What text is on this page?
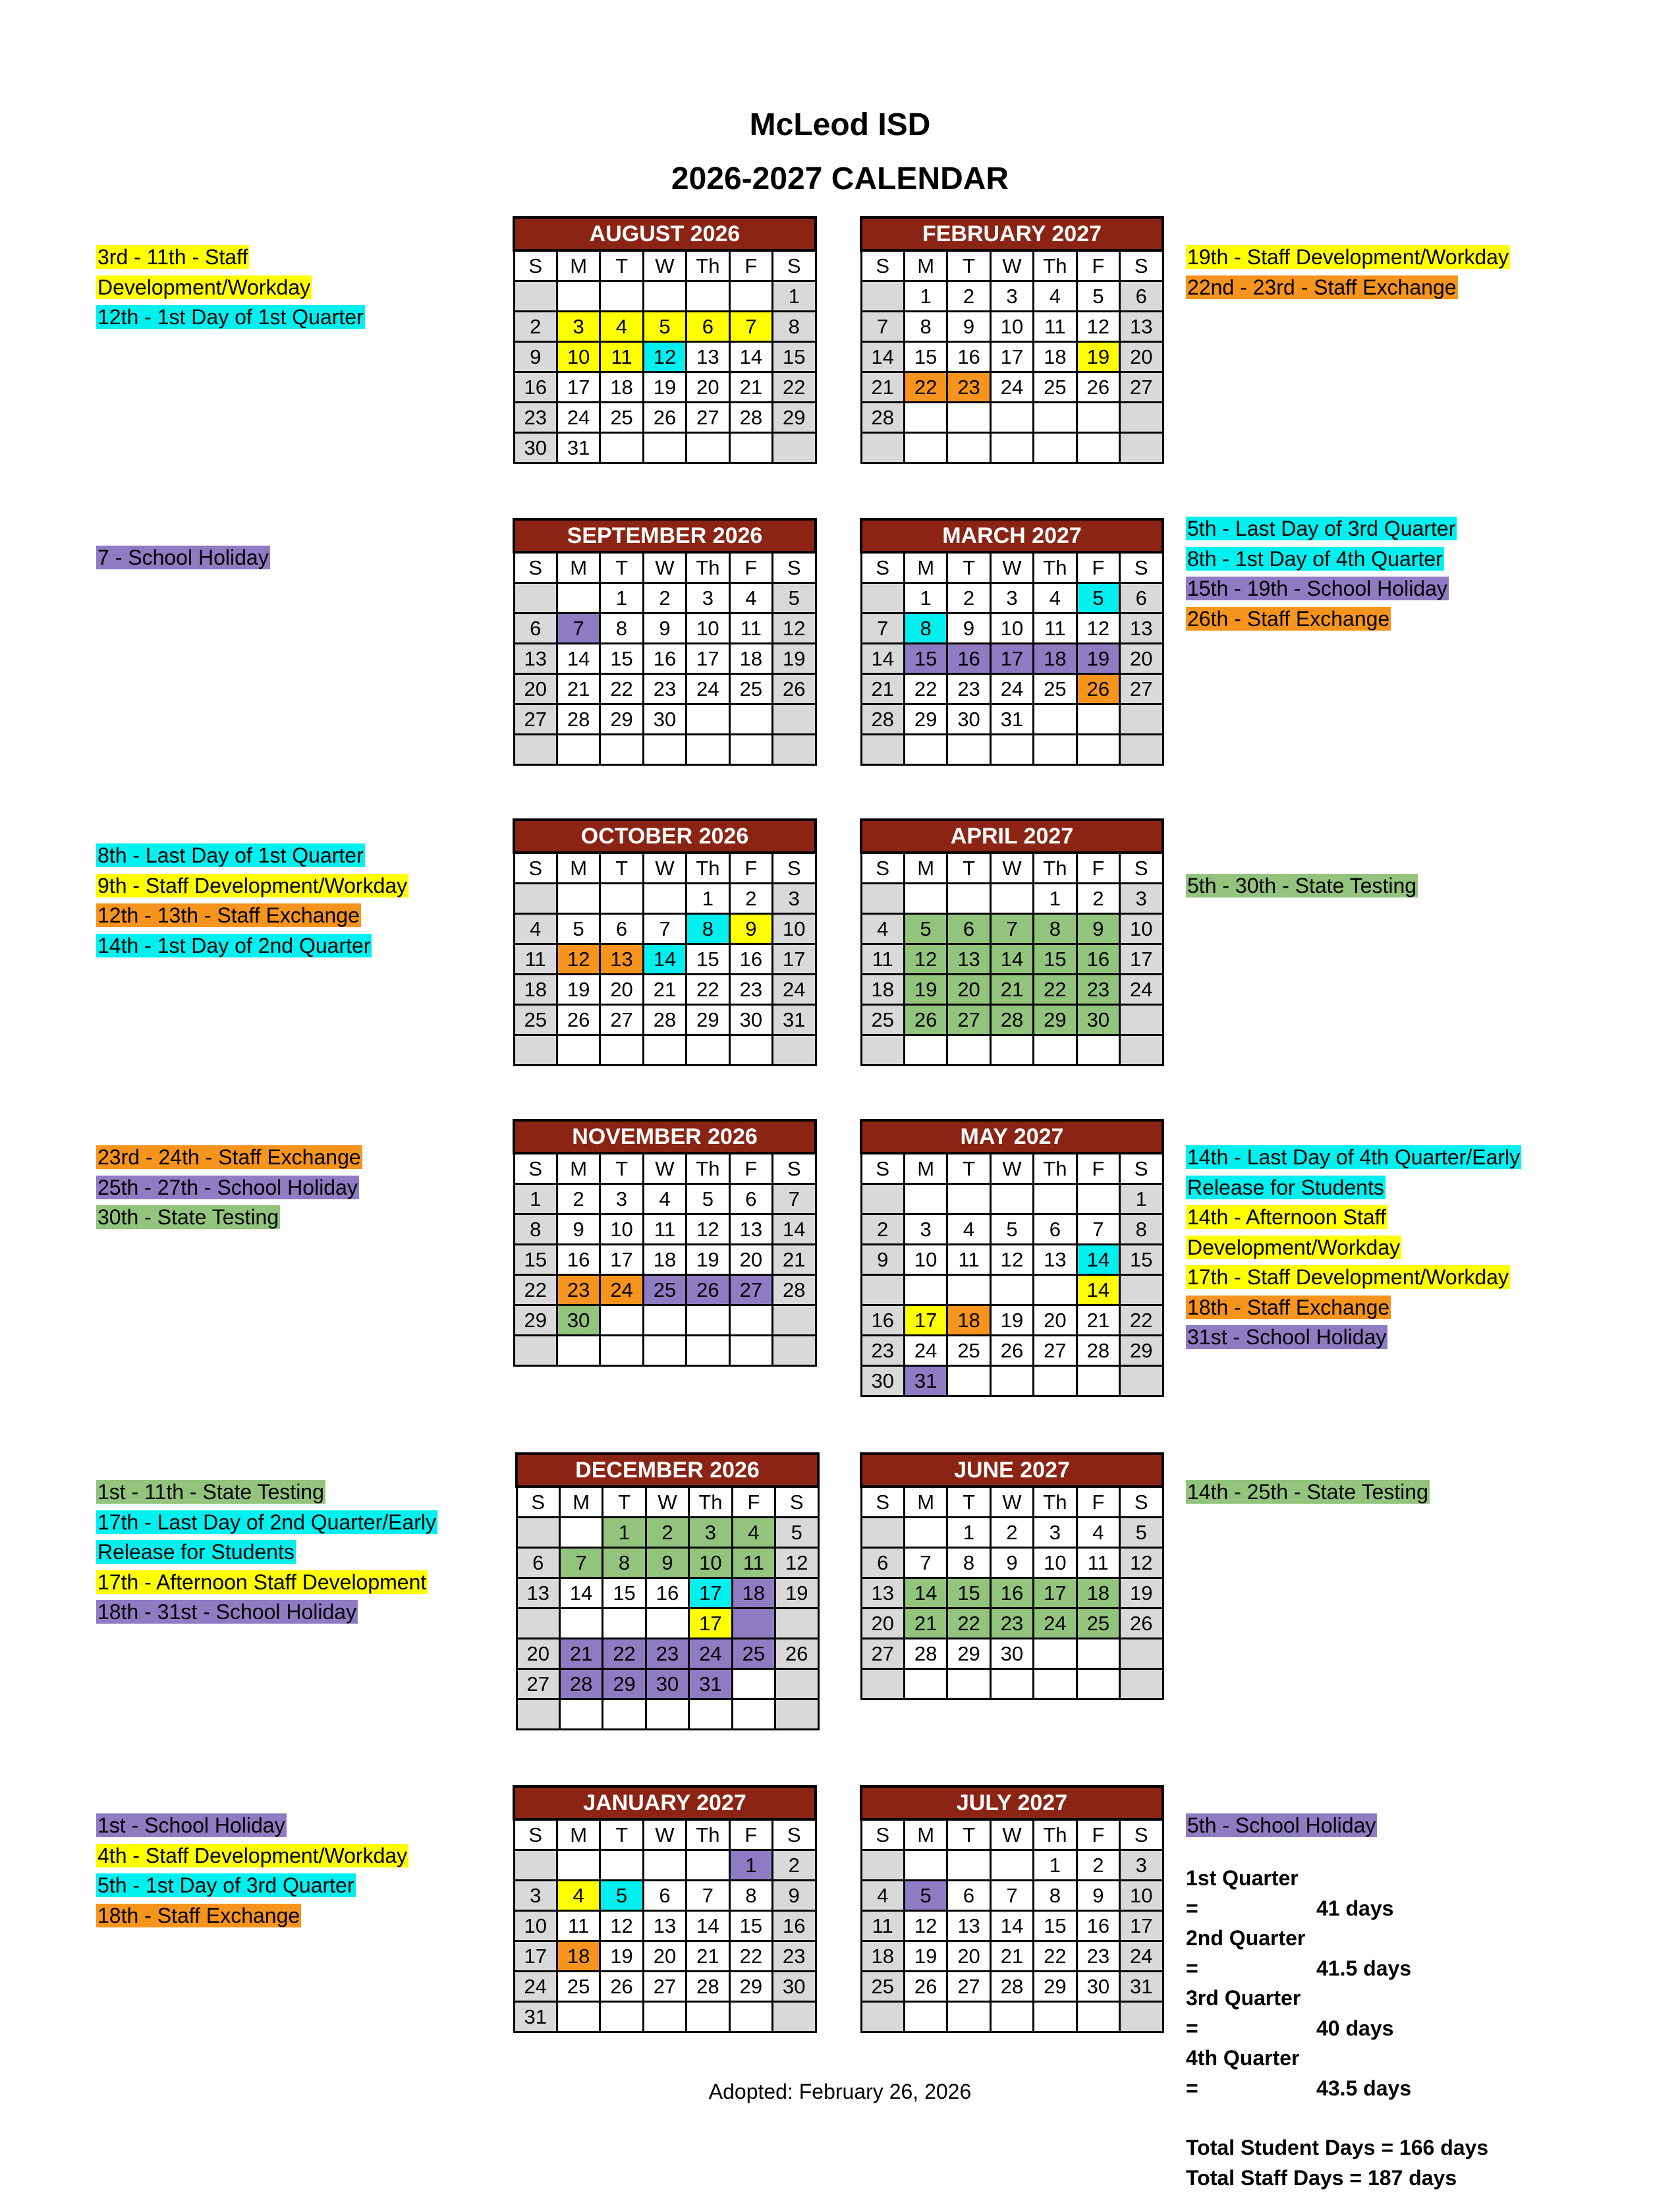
McLeod ISD
2026-2027 CALENDAR
AUGUST 2026						
S	M	T	W	Th	F	S
						1
2	3	4	5	6	7	8
9	10	11	12	13	14	15
16	17	18	19	20	21	22
23	24	25	26	27	28	29
30	31					
FEBRUARY 2027						
S	M	T	W	Th	F	S
	1	2	3	4	5	6
7	8	9	10	11	12	13
14	15	16	17	18	19	20
21	22	23	24	25	26	27
28						

SEPTEMBER 2026						
S	M	T	W	Th	F	S
		1	2	3	4	5
6	7	8	9	10	11	12
13	14	15	16	17	18	19
20	21	22	23	24	25	26
27	28	29	30			

MARCH 2027						
S	M	T	W	Th	F	S
	1	2	3	4	5	6
7	8	9	10	11	12	13
14	15	16	17	18	19	20
21	22	23	24	25	26	27
28	29	30	31			

OCTOBER 2026						
S	M	T	W	Th	F	S
				1	2	3
4	5	6	7	8	9	10
11	12	13	14	15	16	17
18	19	20	21	22	23	24
25	26	27	28	29	30	31

APRIL 2027						
S	M	T	W	Th	F	S
				1	2	3
4	5	6	7	8	9	10
11	12	13	14	15	16	17
18	19	20	21	22	23	24
25	26	27	28	29	30	

NOVEMBER 2026						
S	M	T	W	Th	F	S
1	2	3	4	5	6	7
8	9	10	11	12	13	14
15	16	17	18	19	20	21
22	23	24	25	26	27	28
29	30					

MAY 2027						
S	M	T	W	Th	F	S
						1
2	3	4	5	6	7	8
9	10	11	12	13	14	15
					14	
16	17	18	19	20	21	22
23	24	25	26	27	28	29
30	31					
DECEMBER 2026						
S	M	T	W	Th	F	S
		1	2	3	4	5
6	7	8	9	10	11	12
13	14	15	16	17	18	19
				17		
20	21	22	23	24	25	26
27	28	29	30	31		

JUNE 2027						
S	M	T	W	Th	F	S
		1	2	3	4	5
6	7	8	9	10	11	12
13	14	15	16	17	18	19
20	21	22	23	24	25	26
27	28	29	30			

JANUARY 2027						
S	M	T	W	Th	F	S
					1	2
3	4	5	6	7	8	9
10	11	12	13	14	15	16
17	18	19	20	21	22	23
24	25	26	27	28	29	30
31						
JULY 2027						
S	M	T	W	Th	F	S
				1	2	3
4	5	6	7	8	9	10
11	12	13	14	15	16	17
18	19	20	21	22	23	24
25	26	27	28	29	30	31

3rd - 11th - Staff
Development/Workday
12th - 1st Day of 1st Quarter
19th - Staff Development/Workday
22nd - 23rd - Staff Exchange
7 - School Holiday
5th - Last Day of 3rd Quarter
8th - 1st Day of 4th Quarter
15th - 19th - School Holiday
26th - Staff Exchange
8th - Last Day of 1st Quarter
9th - Staff Development/Workday
12th - 13th - Staff Exchange
14th - 1st Day of 2nd Quarter
5th - 30th - State Testing
23rd - 24th - Staff Exchange
25th - 27th - School Holiday
30th - State Testing
14th - Last Day of 4th Quarter/Early
Release for Students
14th - Afternoon Staff
Development/Workday
17th - Staff Development/Workday
18th - Staff Exchange
31st - School Holiday
1st - 11th - State Testing
17th - Last Day of 2nd Quarter/Early
Release for Students
17th - Afternoon Staff Development
18th - 31st - School Holiday
14th - 25th - State Testing
1st - School Holiday
4th - Staff Development/Workday
5th - 1st Day of 3rd Quarter
18th - Staff Exchange
5th - School Holiday
1st Quarter =	41 days
2nd Quarter =	41.5 days
3rd Quarter =	40 days
4th Quarter =	43.5 days
Total Student Days = 166 days
Total Staff Days = 187 days
Adopted: February 26, 2026
